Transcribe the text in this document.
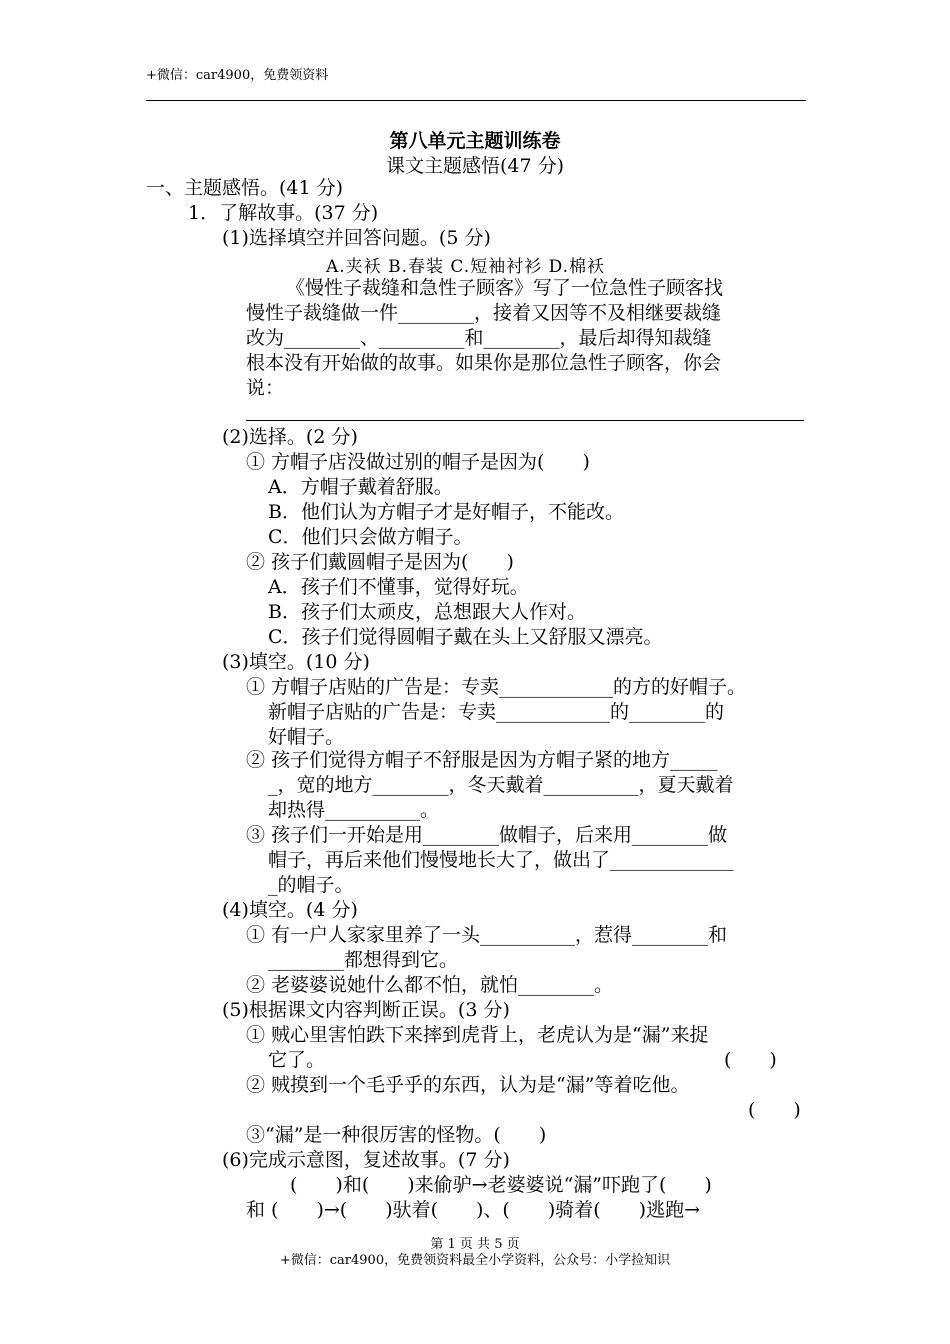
+微信：car4900，免费领资料
第八单元主题训练卷
课文主题感悟(47 分)
一、主题感悟。(41 分)
1．了解故事。(37 分)
(1)选择填空并回答问题。(5 分)
A.夹袄 B.春装 C.短袖衬衫 D.棉袄
《慢性子裁缝和急性子顾客》写了一位急性子顾客找
慢性子裁缝做一件________，接着又因等不及相继要裁缝
改为________、_________和________，最后却得知裁缝
根本没有开始做的故事。如果你是那位急性子顾客，你会
说：
(2)选择。(2 分)
① 方帽子店没做过别的帽子是因为(　　)
A．方帽子戴着舒服。
B．他们认为方帽子才是好帽子，不能改。
C．他们只会做方帽子。
② 孩子们戴圆帽子是因为(　　)
A．孩子们不懂事，觉得好玩。
B．孩子们太顽皮，总想跟大人作对。
C．孩子们觉得圆帽子戴在头上又舒服又漂亮。
(3)填空。(10 分)
① 方帽子店贴的广告是：专卖____________的方的好帽子。
新帽子店贴的广告是：专卖____________的________的
好帽子。
② 孩子们觉得方帽子不舒服是因为方帽子紧的地方_____
_，宽的地方________，冬天戴着__________，夏天戴着
却热得__________。
③ 孩子们一开始是用________做帽子，后来用________做
帽子，再后来他们慢慢地长大了，做出了_____________
_的帽子。
(4)填空。(4 分)
① 有一户人家家里养了一头__________，惹得________和
________都想得到它。
② 老婆婆说她什么都不怕，就怕________。
(5)根据课文内容判断正误。(3 分)
① 贼心里害怕跌下来摔到虎背上，老虎认为是“漏”来捉
它了。	(　　)
② 贼摸到一个毛乎乎的东西，认为是“漏”等着吃他。
(　　)
③“漏”是一种很厉害的怪物。(　　)
(6)完成示意图，复述故事。(7 分)
(　　)和(　　)来偷驴→老婆婆说“漏”吓跑了(　　)
和 (　　)→(　　)驮着(　　)、(　　)骑着(　　)逃跑→
第 1 页 共 5 页
+微信：car4900，免费领资料最全小学资料，公众号：小学捡知识
